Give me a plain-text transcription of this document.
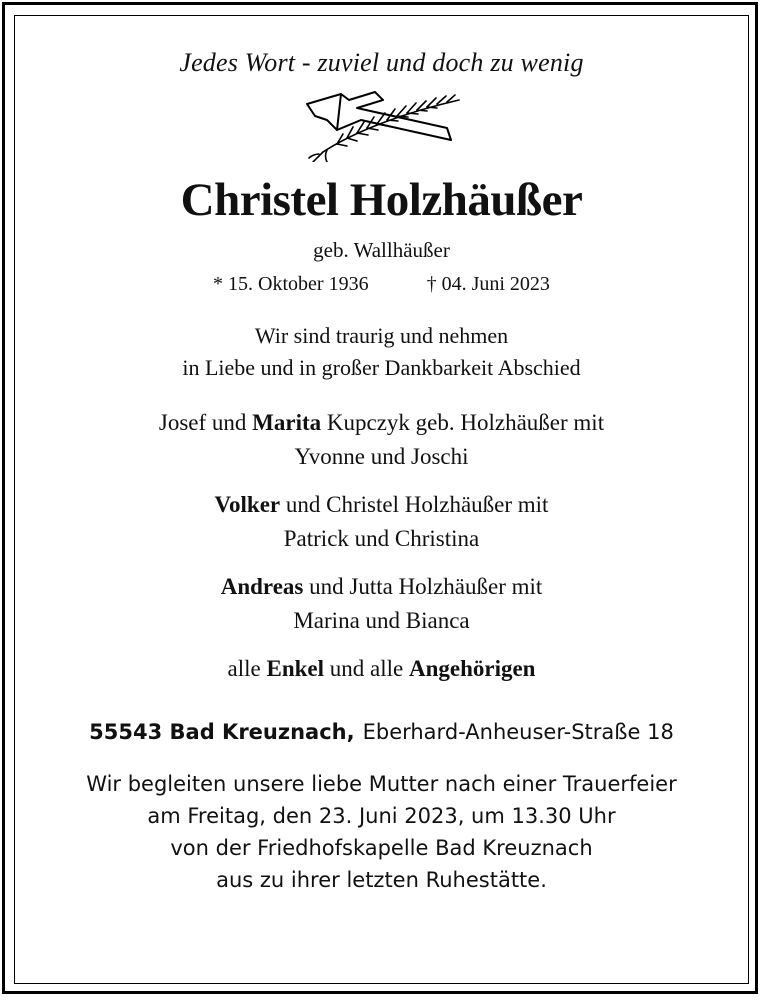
Jedes Wort - zuviel und doch zu wenig
Christel Holzhäußer
geb. Wallhäußer
* 15. Oktober 1936	† 04. Juni 2023
Wir sind traurig und nehmen
in Liebe und in großer Dankbarkeit Abschied
Josef und Marita Kupczyk geb. Holzhäußer mit
Yvonne und Joschi
Volker und Christel Holzhäußer mit
Patrick und Christina
Andreas und Jutta Holzhäußer mit
Marina und Bianca
alle Enkel und alle Angehörigen
55543 Bad Kreuznach, Eberhard-Anheuser-Straße 18
Wir begleiten unsere liebe Mutter nach einer Trauerfeier
am Freitag, den 23. Juni 2023, um 13.30 Uhr
von der Friedhofskapelle Bad Kreuznach
aus zu ihrer letzten Ruhestätte.
